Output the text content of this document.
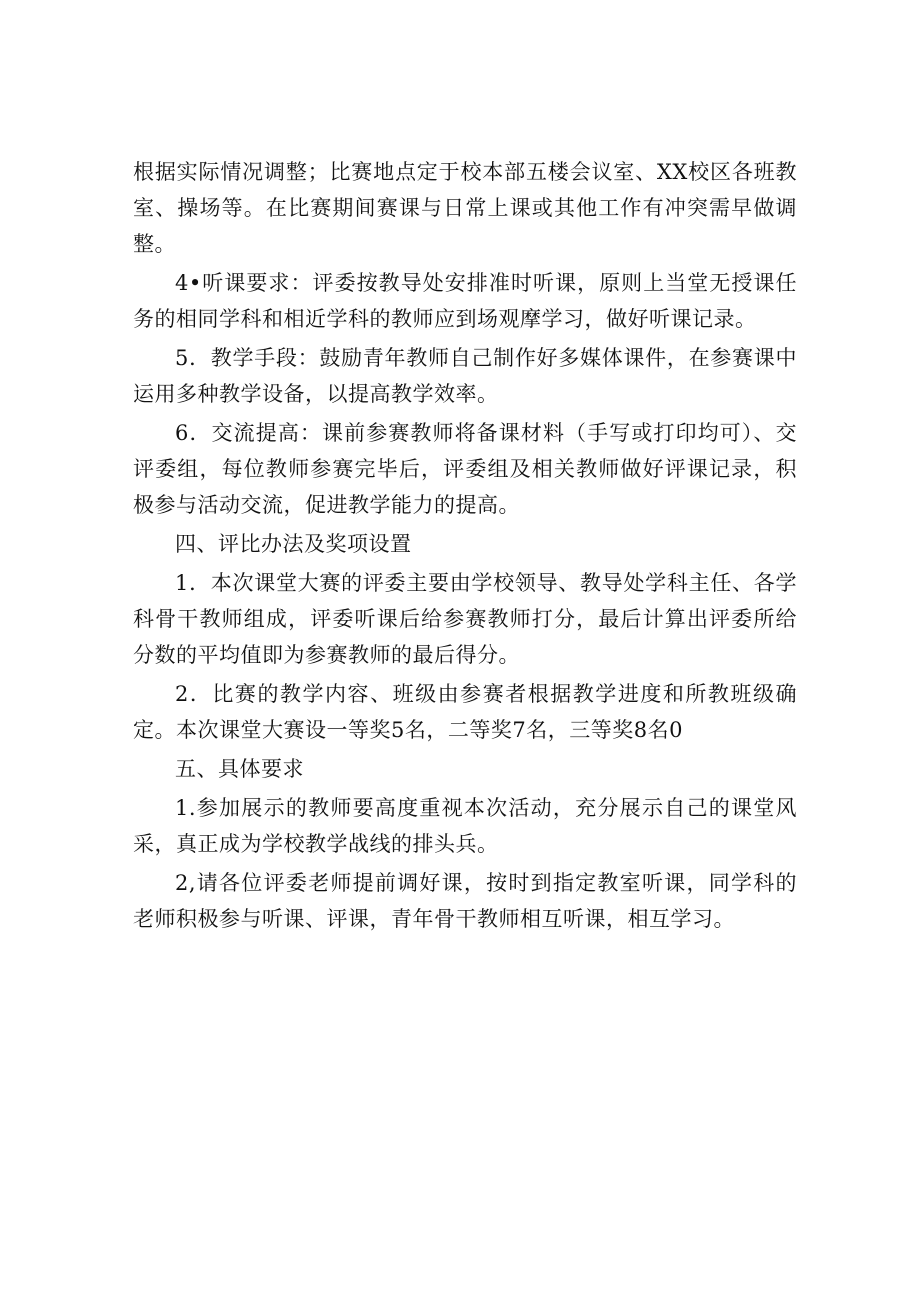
根据实际情况调整；比赛地点定于校本部五楼会议室、XX校区各班教室、操场等。在比赛期间赛课与日常上课或其他工作有冲突需早做调整。

4•听课要求：评委按教导处安排准时听课，原则上当堂无授课任务的相同学科和相近学科的教师应到场观摩学习，做好听课记录。

5．教学手段：鼓励青年教师自己制作好多媒体课件，在参赛课中运用多种教学设备，以提高教学效率。

6．交流提高：课前参赛教师将备课材料（手写或打印均可）、交评委组，每位教师参赛完毕后，评委组及相关教师做好评课记录，积极参与活动交流，促进教学能力的提高。

四、评比办法及奖项设置

1．本次课堂大赛的评委主要由学校领导、教导处学科主任、各学科骨干教师组成，评委听课后给参赛教师打分，最后计算出评委所给分数的平均值即为参赛教师的最后得分。

2．比赛的教学内容、班级由参赛者根据教学进度和所教班级确定。本次课堂大赛设一等奖5名，二等奖7名，三等奖8名0

五、具体要求

1.参加展示的教师要高度重视本次活动，充分展示自己的课堂风采，真正成为学校教学战线的排头兵。

2,请各位评委老师提前调好课，按时到指定教室听课，同学科的老师积极参与听课、评课，青年骨干教师相互听课，相互学习。
